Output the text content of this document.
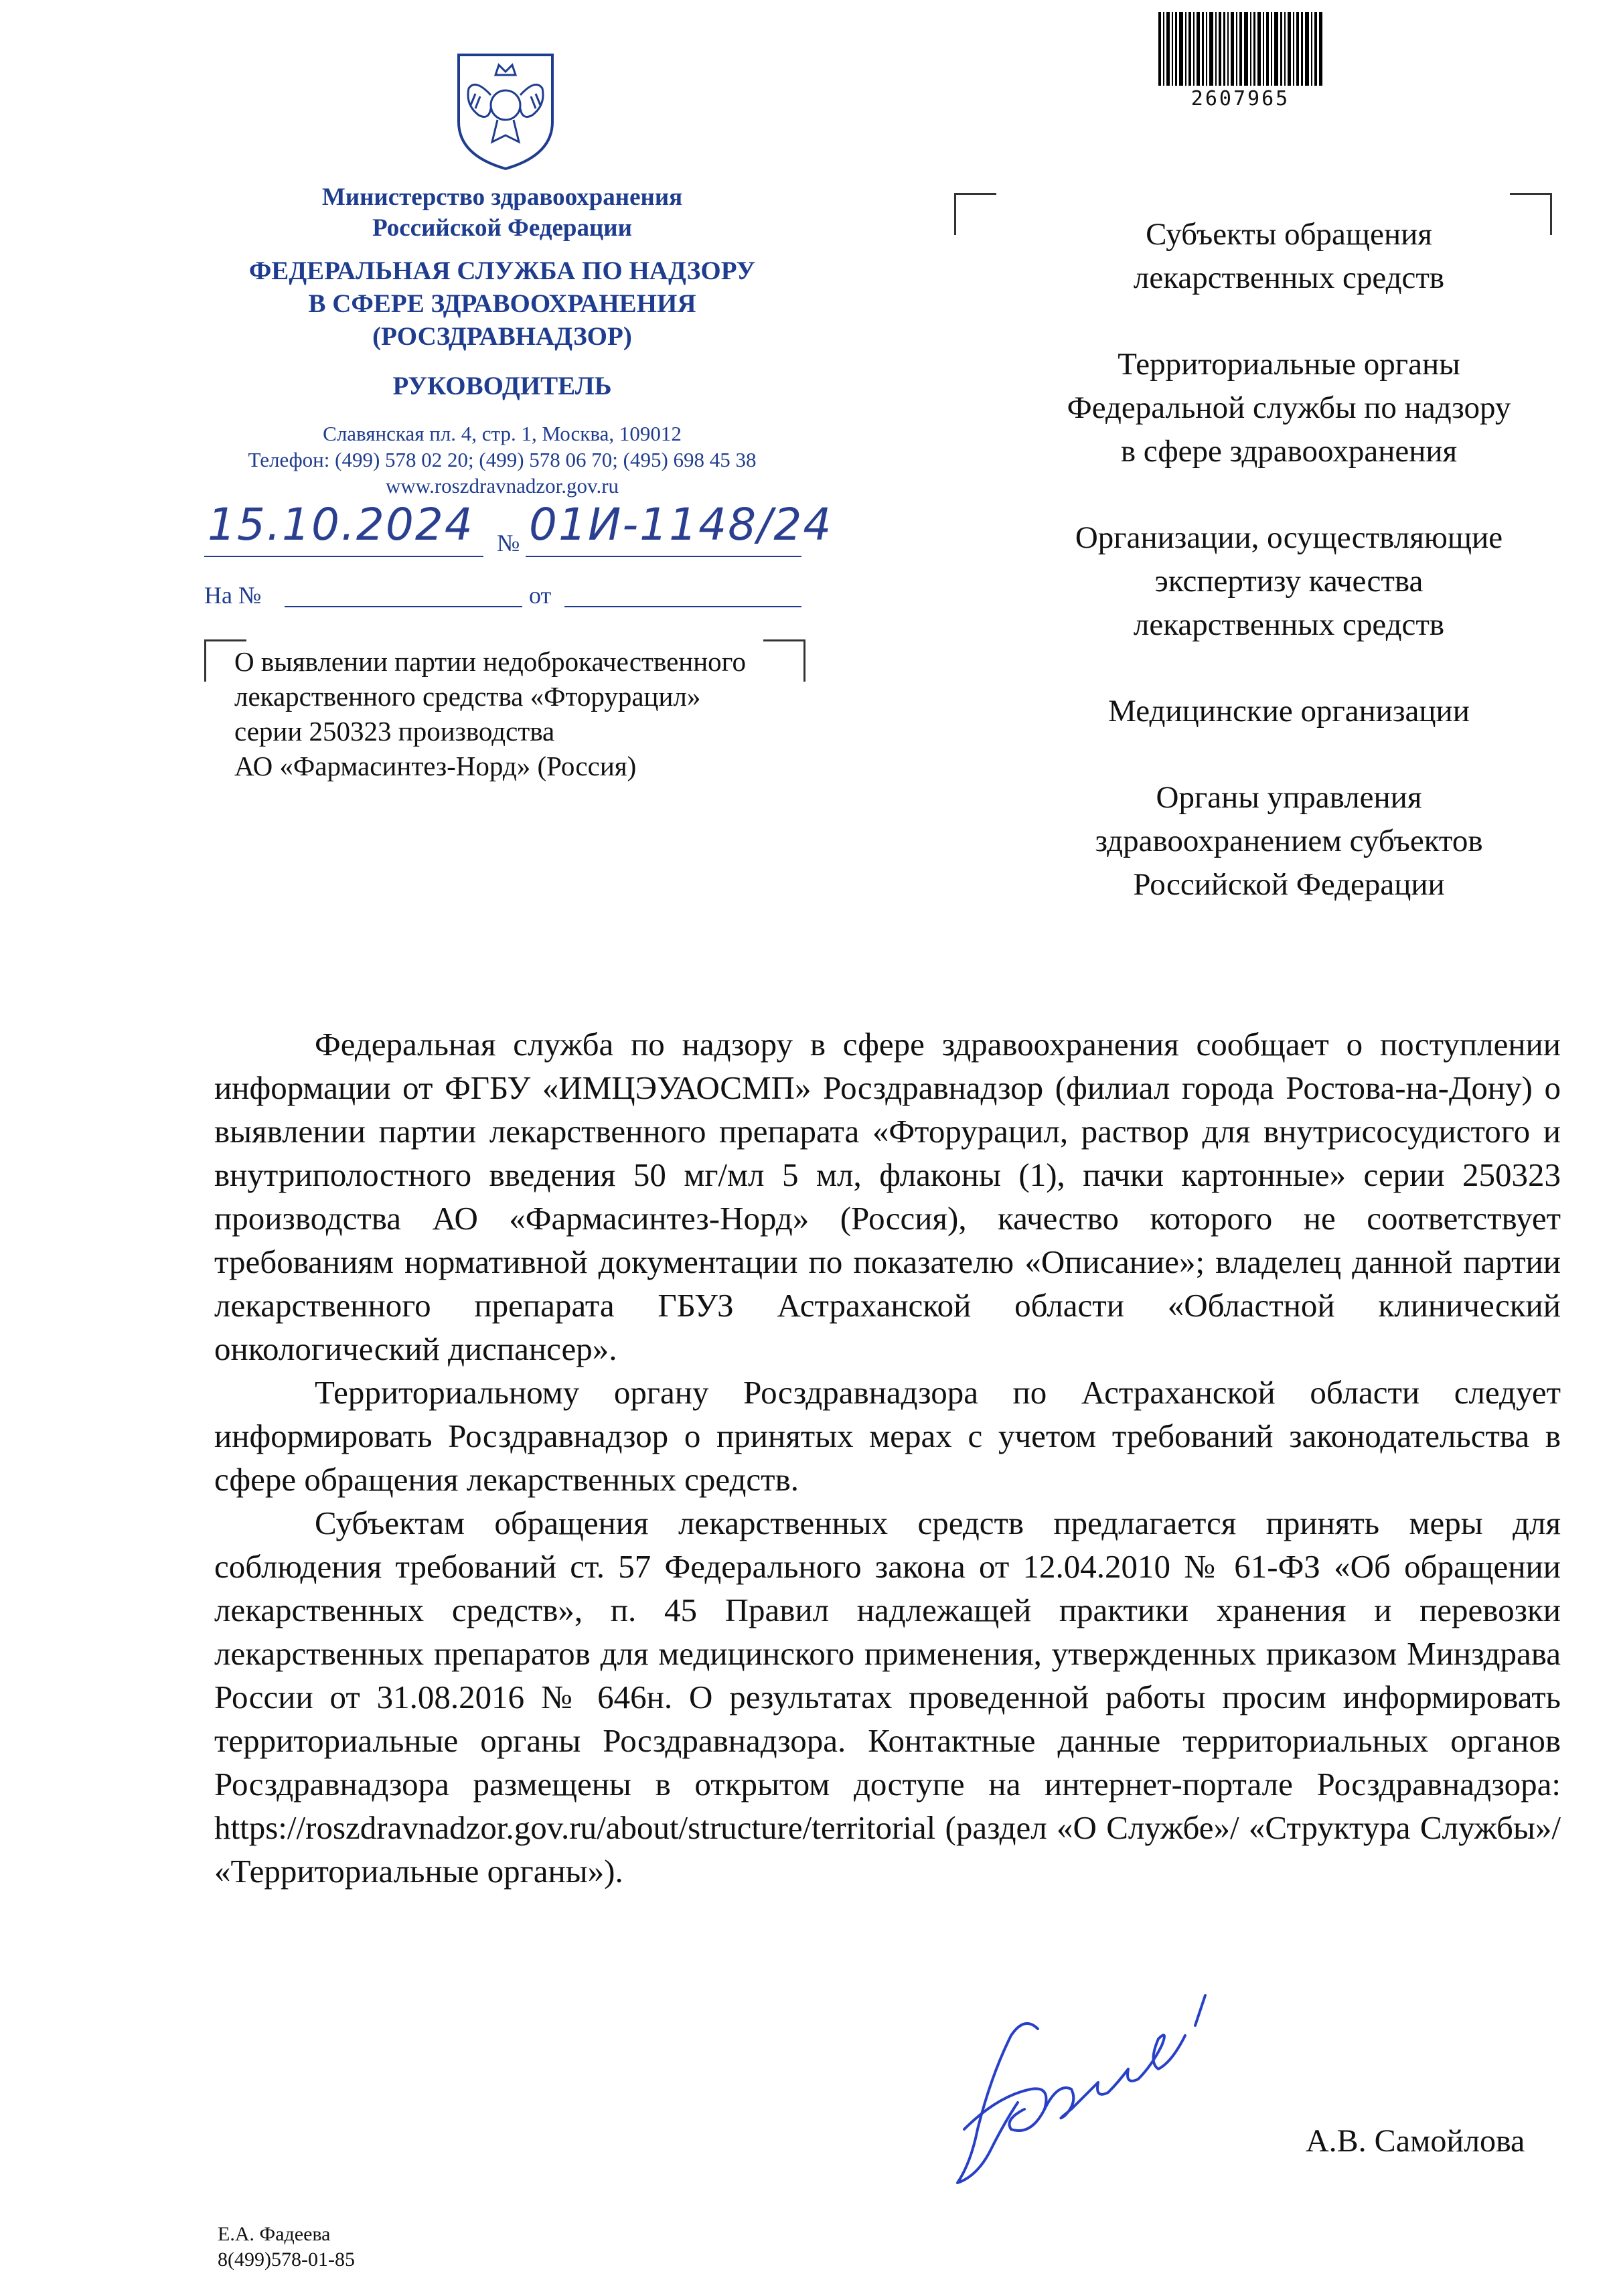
2607965
Министерство здравоохранения
Российской Федерации
ФЕДЕРАЛЬНАЯ СЛУЖБА ПО НАДЗОРУ
В СФЕРЕ ЗДРАВООХРАНЕНИЯ
(РОСЗДРАВНАДЗОР)
РУКОВОДИТЕЛЬ
Славянская пл. 4, стр. 1, Москва, 109012
Телефон: (499) 578 02 20; (499) 578 06 70; (495) 698 45 38
www.roszdravnadzor.gov.ru
15.10.2024 № 01И-1148/24
На №	от
О выявлении партии недоброкачественного
лекарственного средства «Фторурацил»
серии 250323 производства
АО «Фармасинтез-Норд» (Россия)
Субъекты обращения
лекарственных средств
Территориальные органы
Федеральной службы по надзору
в сфере здравоохранения
Организации, осуществляющие
экспертизу качества
лекарственных средств
Медицинские организации
Органы управления
здравоохранением субъектов
Российской Федерации

Федеральная служба по надзору в сфере здравоохранения сообщает о поступлении информации от ФГБУ «ИМЦЭУАОСМП» Росздравнадзор (филиал города Ростова-на-Дону) о выявлении партии лекарственного препарата «Фторурацил, раствор для внутрисосудистого и внутриполостного введения 50 мг/мл 5 мл, флаконы (1), пачки картонные» серии 250323 производства АО «Фармасинтез-Норд» (Россия), качество которого не соответствует требованиям нормативной документации по показателю «Описание»; владелец данной партии лекарственного препарата ГБУЗ Астраханской области «Областной клинический онкологический диспансер».

Территориальному органу Росздравнадзора по Астраханской области следует информировать Росздравнадзор о принятых мерах с учетом требований законодательства в сфере обращения лекарственных средств.

Субъектам обращения лекарственных средств предлагается принять меры для соблюдения требований ст. 57 Федерального закона от 12.04.2010 № 61-ФЗ «Об обращении лекарственных средств», п. 45 Правил надлежащей практики хранения и перевозки лекарственных препаратов для медицинского применения, утвержденных приказом Минздрава России от 31.08.2016 № 646н. О результатах проведенной работы просим информировать территориальные органы Росздравнадзора. Контактные данные территориальных органов Росздравнадзора размещены в открытом доступе на интернет-портале Росздравнадзора: https://roszdravnadzor.gov.ru/about/structure/territorial (раздел «О Службе»/ «Структура Службы»/ «Территориальные органы»).

А.В. Самойлова
Е.А. Фадеева
8(499)578-01-85
